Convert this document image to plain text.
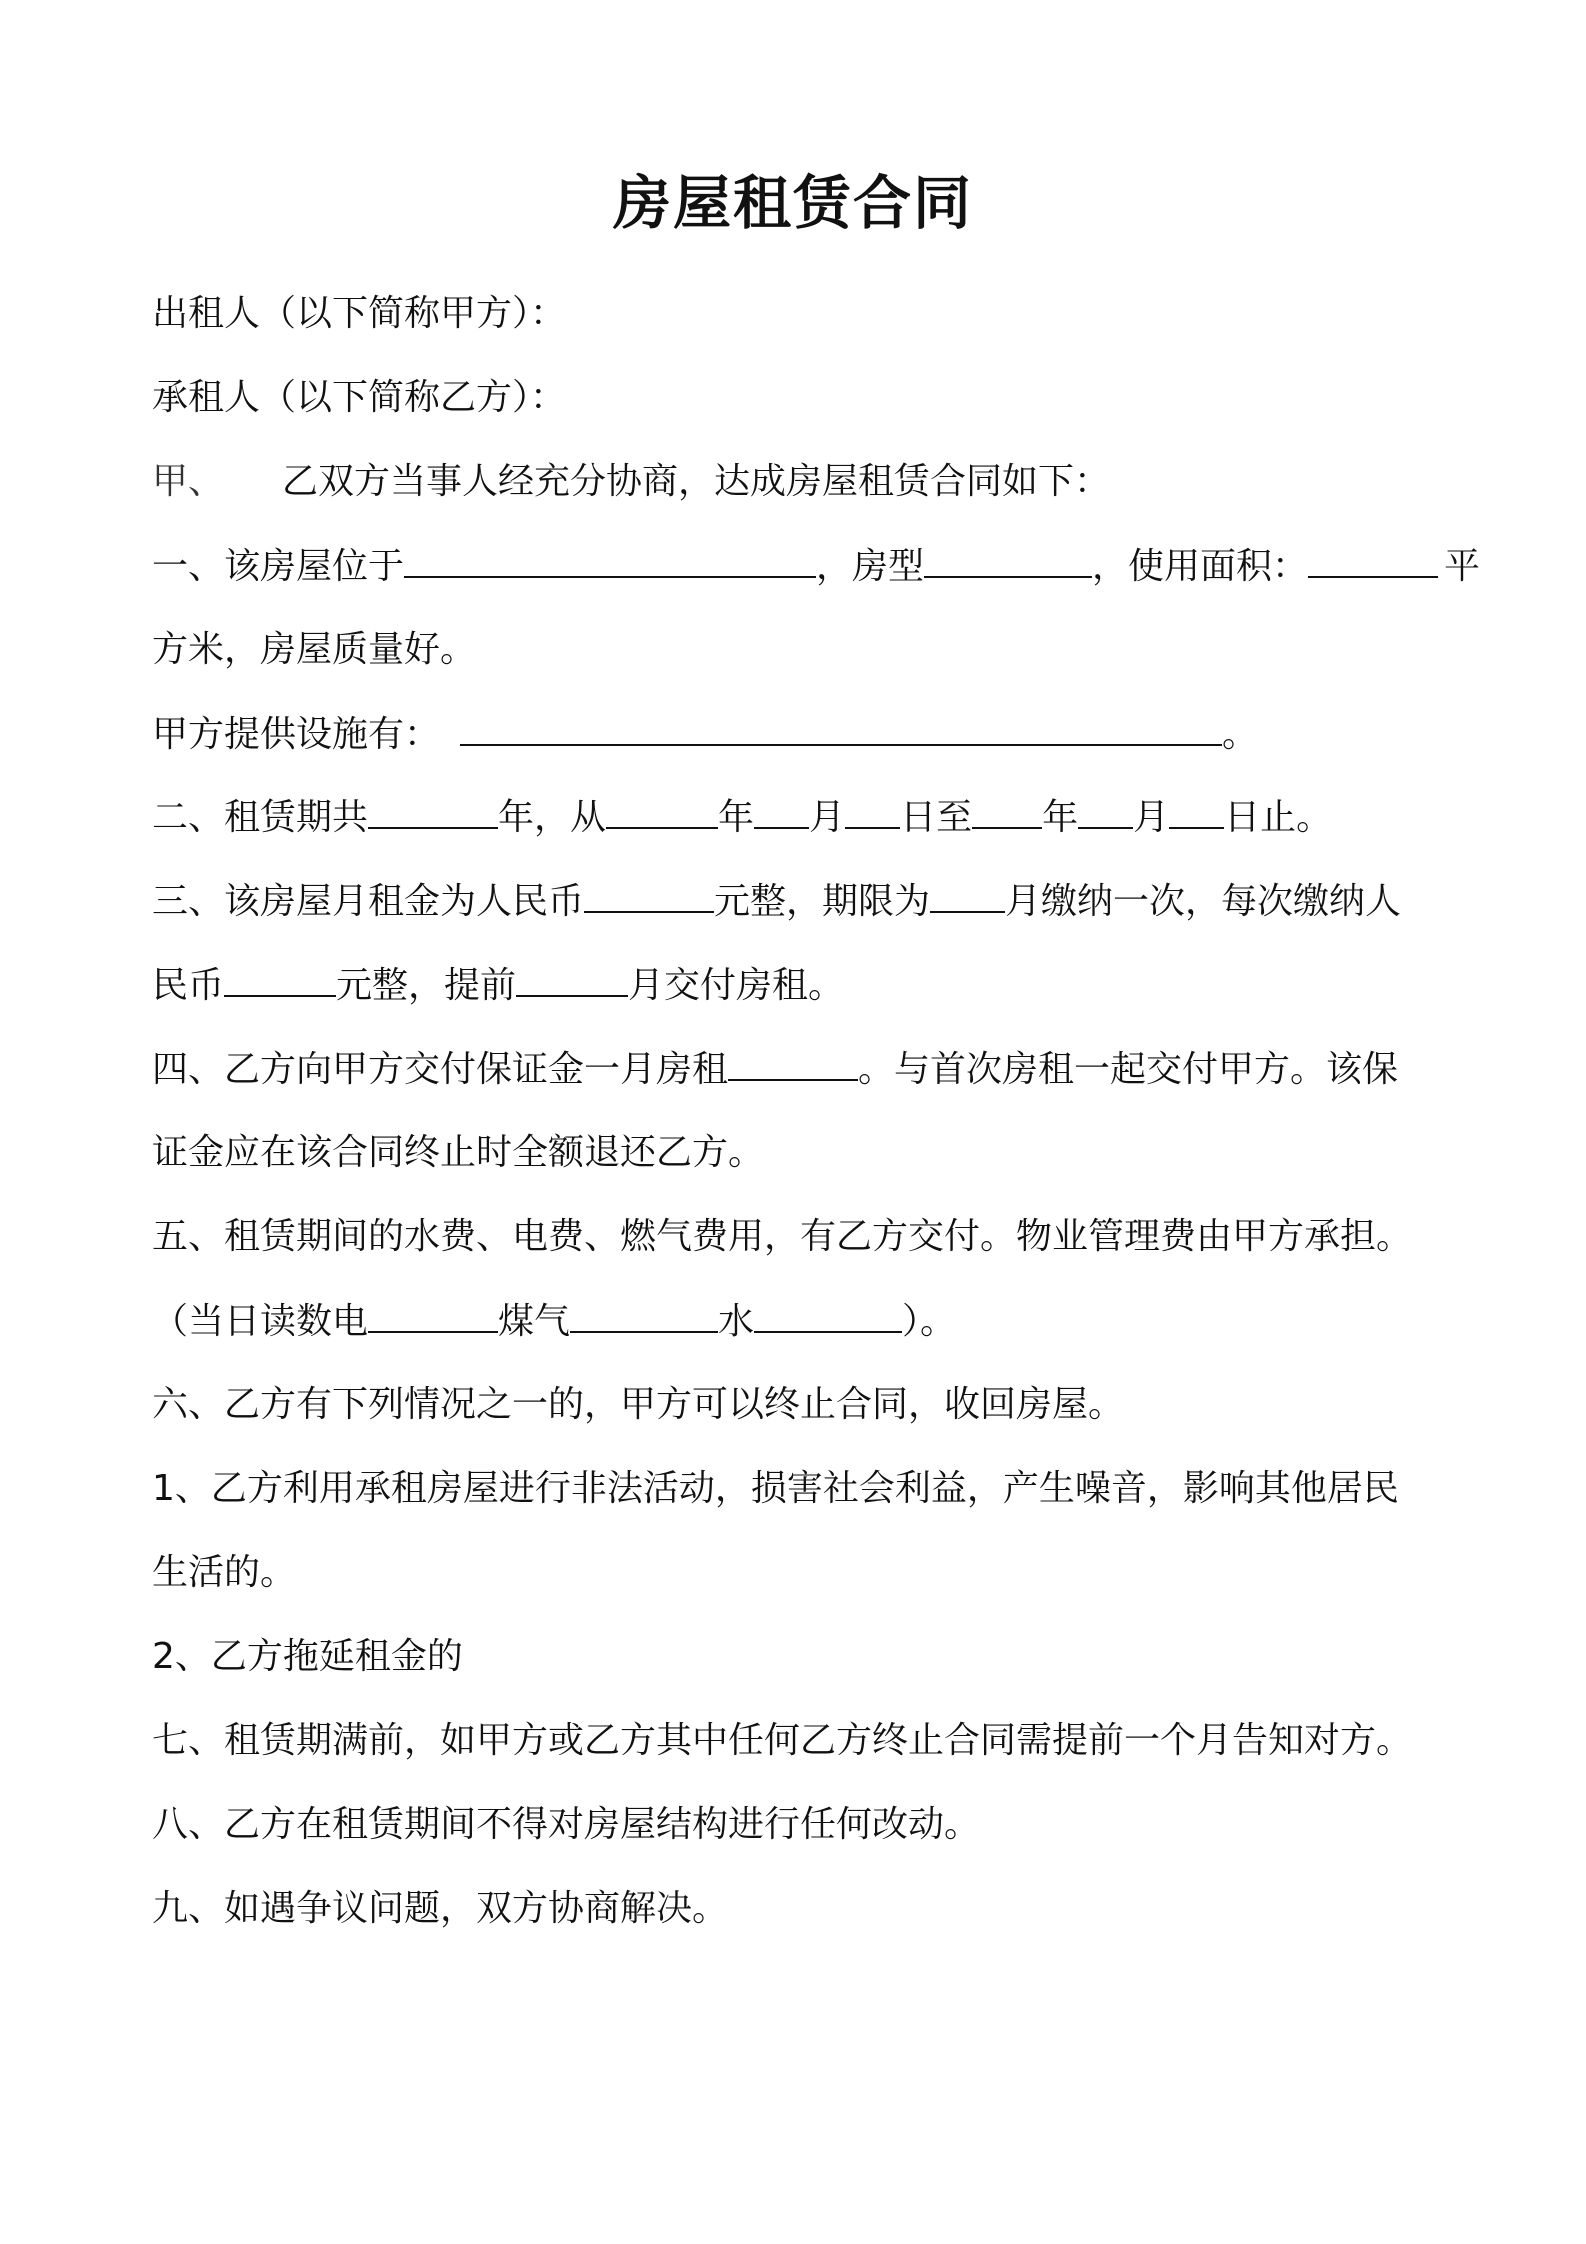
房屋租赁合同
出租人（以下简称甲方）：
承租人（以下简称乙方）：
甲、 乙双方当事人经充分协商，达成房屋租赁合同如下：
一、该房屋位于	，房型	，使用面积：	平
方米，房屋质量好。
甲方提供设施有：	。
二、租赁期共	年，从	年 月 日至 年 月 日止。
三、该房屋月租金为人民币	元整，期限为 月缴纳一次，每次缴纳人
民币	元整，提前	月交付房租。
四、乙方向甲方交付保证金一月房租	。与首次房租一起交付甲方。该保
证金应在该合同终止时全额退还乙方。
五、租赁期间的水费、电费、燃气费用，有乙方交付。物业管理费由甲方承担。
（当日读数电	煤气	水	）。
六、乙方有下列情况之一的，甲方可以终止合同，收回房屋。
1、乙方利用承租房屋进行非法活动，损害社会利益，产生噪音，影响其他居民
生活的。
2、乙方拖延租金的
七、租赁期满前，如甲方或乙方其中任何乙方终止合同需提前一个月告知对方。
八、乙方在租赁期间不得对房屋结构进行任何改动。
九、如遇争议问题，双方协商解决。
